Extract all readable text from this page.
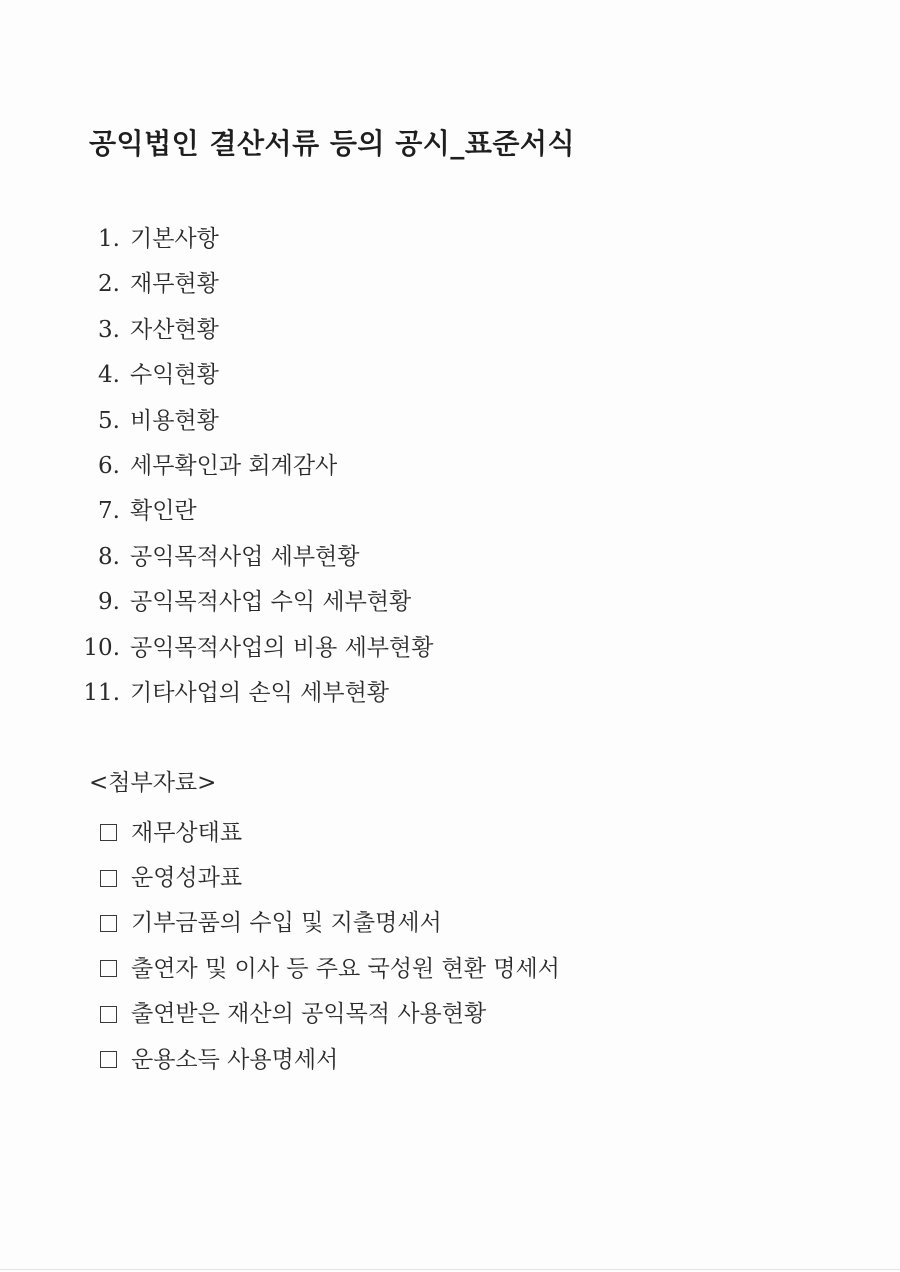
공익법인 결산서류 등의 공시_표준서식
1. 기본사항
2. 재무현황
3. 자산현황
4. 수익현황
5. 비용현황
6. 세무확인과 회계감사
7. 확인란
8. 공익목적사업 세부현황
9. 공익목적사업 수익 세부현황
10. 공익목적사업의 비용 세부현황
11. 기타사업의 손익 세부현황
<첨부자료>
재무상태표
운영성과표
기부금품의 수입 및 지출명세서
출연자 및 이사 등 주요 국성원 현환 명세서
출연받은 재산의 공익목적 사용현황
운용소득 사용명세서
